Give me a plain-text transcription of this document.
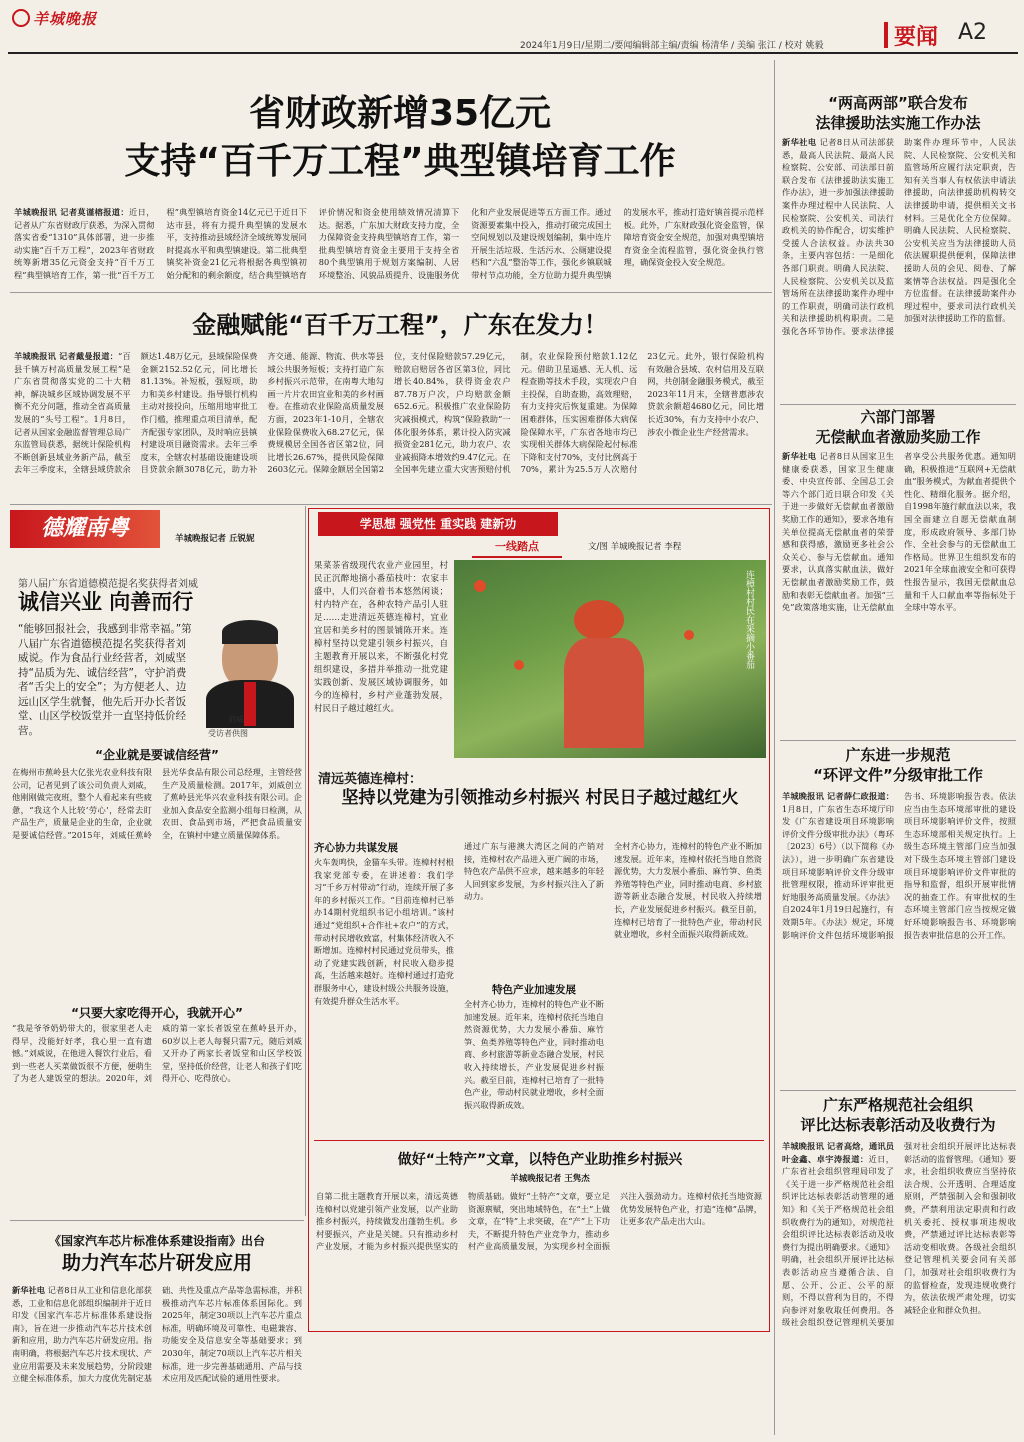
羊城晚报
2024年1月9日/星期二/要闻编辑部主编/责编 杨清华 / 美编 张江 / 校对 姚毅	要闻 A2
省财政新增35亿元
支持“百千万工程”典型镇培育工作
羊城晚报讯 记者莫谨榕报道：近日，记者从广东省财政厅获悉，为深入贯彻落实省委“1310”具体部署，进一步推动实施“百千万工程”，2023年省财政统筹新增35亿元资金支持“百千万工程”典型镇培育工作，第一批“百千万工程”典型镇培育资金14亿元已于近日下达市县，将有力提升典型镇的发展水平，支持推动县域经济全域统筹发展同时提高水平和典型镇建设。第二批典型镇奖补资金21亿元将根据各典型镇初始分配和的剩余额度，结合典型镇培育评价情况和资金使用绩效情况清算下达。据悉，广东加大财政支持力度，全力保障资金支持典型镇培育工作，第一批典型镇培育资金主要用于支持全省80个典型镇用于规划方案编制、人居环境整治、风貌品质提升、设施服务优化和产业发展促进等五方面工作。通过资源要素集中投入，推动打破完成国土空间规划以及建设规划编制，集中连片开展生活垃圾、生活污水、公厕建设提档和“六乱”整治等工作，强化乡镇联城带村节点功能，全方位助力提升典型镇的发展水平，推动打造好镇首提示范样板。此外，广东财政强化资金监管，保障培育资金安全规范，加强对典型镇培育资金全流程监管，强化资金执行管理，确保资金投入安全规范。
金融赋能“百千万工程”，广东在发力！
羊城晚报讯 记者戴曼报道：“百县千镇万村高质量发展工程”是广东省贯彻落实党的二十大精神，解决城乡区域协调发展不平衡不充分问题，推动全省高质量发展的“头号工程”。1月8日，记者从国家金融监督管理总局广东监管局获悉，据统计保险机构不断创新县域业务新产品，截至去年三季度末，全辖县域贷款余额达1.48万亿元，县域保险保费金额2152.52亿元，同比增长81.13%。补短板，强短项，助力和美乡村建设。指导银行机构主动对接投向，压缩用地审批工作门槛，推理重点项目清单，配齐配强专家团队，及时响应县镇村建设项目融资需求。去年三季度末，全辖农村基础设施建设项目贷款余额3078亿元，助力补齐交通、能源、物流、供水等县域公共服务短板；支持打造广东乡村振兴示范带，在南粤大地勾画一片片农田宜业和美的乡村画卷。在推动农业保险高质量发展方面，2023年1-10月，全辖农业保险保费收入68.27亿元，保费规模居全国各省区第2位，同比增长26.67%，提供风险保障2603亿元。保障金额居全国第2位，支付保险赔款57.29亿元，赔款启赔居各省区第3位，同比增长40.84%，获得资金农户87.78万户次，户均赔款金额652.6元。积极推广农业保险防灾减损模式，构筑“保险救助”一体化服务体系，累计投入防灾减损资金281亿元，助力农户、农业减损降本增效约9.47亿元。在全国率先建立重大灾害预赔付机制，农业保险预付赔款1.12亿元。借助卫星遥感、无人机、远程查勘等技术手段，实现农户自主投保，自助查勘，高效理赔，有力支持灾后恢复重建。为保障困难群体，压实困难群体大病保险保障水平，广东省各地市均已实现相关群体大病保险起付标准下降和支付70%，支付比例高于70%，累计为25.5万人次赔付23亿元。此外，银行保险机构有效融合县域、农村信用及互联网，共创制金融服务模式，截至2023年11月末，全辖普惠涉农贷款余额超4680亿元，同比增长近30%，有力支持中小农户、涉农小微企业生产经营需求。
德耀南粤	羊城晚报记者 丘锐妮
第八届广东省道德模范提名奖获得者刘威
诚信兴业 向善而行
“能够回报社会，我感到非常幸福。”第八届广东省道德模范提名奖获得者刘威说。作为食品行业经营者，刘威坚持“品质为先、诚信经营”，守护消费者“舌尖上的安全”；为方便老人、边远山区学生就餐，他先后开办长者饭堂、山区学校饭堂并一直坚持低价经营。
刘威
受访者供图
“企业就是要诚信经营”
在梅州市蕉岭县大亿张光农业科技有限公司，记者见到了该公司负责人刘威，他刚刚做完夜班，整个人看起来有些疲惫，“我这个人比较‘劳心’，经常去盯产品生产，质量是企业的生命，企业就是要诚信经营。”2015年，刘威任蕉岭县光华食品有限公司总经理，主管经营生产及质量检测。2017年，刘威创立了蕉岭县光华兴农业科技有限公司。企业加入食品安全监测小组每日检测，从农田、食品到市场，严把食品质量安全，在镇村中建立质量保障体系。
“只要大家吃得开心，我就开心”
“我是爷爷奶奶带大的，很家里老人走得早，没能好好孝，我心里一直有遗憾。”刘威说，在他进入餐饮行业后，看到一些老人买菜做饭很不方便，便萌生了为老人建饭堂的想法。2020年，刘威的第一家长者饭堂在蕉岭县开办，60岁以上老人每餐只需7元，随后刘威又开办了两家长者饭堂和山区学校饭堂，坚持低价经营，让老人和孩子们吃得开心、吃得放心。
《国家汽车芯片标准体系建设指南》出台
助力汽车芯片研发应用
新华社电 记者8日从工业和信息化部获悉，工业和信息化部组织编制并于近日印发《国家汽车芯片标准体系建设指南》，旨在进一步推动汽车芯片技术创新和应用，助力汽车芯片研发应用。指南明确，将根据汽车芯片技术现状、产业应用需要及未来发展趋势，分阶段建立健全标准体系，加大力度优先制定基础、共性及重点产品等急需标准，并积极推动汽车芯片标准体系国际化。到2025年，制定30项以上汽车芯片重点标准，明确环境及可靠性、电磁兼容、功能安全及信息安全等基础要求；到2030年，制定70项以上汽车芯片相关标准，进一步完善基础通用、产品与技术应用及匹配试验的通用性要求。
学思想 强党性 重实践 建新功
一线踏点	文/图 羊城晚报记者 李程
果菜茶省级现代农业产业园里，村民正沉醉地摘小番茄枝叶：农家丰盛中，人们兴奋着书本悠然闲谈；村内特产在，各种农特产品引人驻足……走进清远英德连樟村，宜业宜居和美乡村的图景铺陈开来。连樟村坚持以党建引领乡村振兴，自主题教育开展以来，不断强化村党组织建设，多措并举推动一批党建实践创新、发展区域协调服务，如今的连樟村，乡村产业蓬勃发展，村民日子越过越红火。
连樟村村民在采摘小番茄
清远英德连樟村：
坚持以党建为引领推动乡村振兴 村民日子越过越红火
齐心协力共谋发展
火车轰鸣快，金猫车头带。连樟村村根我家党部专委，在讲述着：我们学习“千乡万村带动”行动，连续开展了多年的乡村振兴工作。“目前连樟村已举办14期村党组织书记小组培训。”该村通过“党组织+合作社+农户”的方式，带动村民增收致富，村集体经济收入不断增加。连樟村村民通过党员带头，推动了党建实践创新，村民收入稳步提高，生活越来越好。连樟村通过打造党群服务中心，建设村级公共服务设施，有效提升群众生活水平。
通过广东与港澳大湾区之间的产销对接，连樟村农产品进入更广阔的市场，特色农产品供不应求，越来越多的年轻人回到家乡发展，为乡村振兴注入了新动力。
特色产业加速发展
全村齐心协力，连樟村的特色产业不断加速发展。近年来，连樟村依托当地自然资源优势，大力发展小番茄、麻竹笋、鱼类养殖等特色产业，同时推动电商、乡村旅游等新业态融合发展，村民收入持续增长，产业发展促进乡村振兴。截至目前，连樟村已培育了一批特色产业，带动村民就业增收，乡村全面振兴取得新成效。
全村齐心协力，连樟村的特色产业不断加速发展。近年来，连樟村依托当地自然资源优势，大力发展小番茄、麻竹笋、鱼类养殖等特色产业，同时推动电商、乡村旅游等新业态融合发展，村民收入持续增长，产业发展促进乡村振兴。截至目前，连樟村已培育了一批特色产业，带动村民就业增收，乡村全面振兴取得新成效。
做好“土特产”文章，以特色产业助推乡村振兴
羊城晚报记者 王隽杰
自第二批主题教育开展以来，清远英德连樟村以党建引领产业发展，以产业助推乡村振兴，持续做发出蓬勃生机。乡村要振兴，产业是关键。只有推动乡村产业发展，才能为乡村振兴提供坚实的物质基础。做好“土特产”文章，要立足资源禀赋，突出地域特色，在“土”上做文章，在“特”上求突破，在“产”上下功夫，不断提升特色产业竞争力，推动乡村产业高质量发展，为实现乡村全面振兴注入强劲动力。连樟村依托当地资源优势发展特色产业，打造“连樟”品牌，让更多农产品走出大山。
“两高两部”联合发布
法律援助法实施工作办法
新华社电 记者8日从司法部获悉，最高人民法院、最高人民检察院、公安部、司法部日前联合发布《法律援助法实施工作办法》，进一步加强法律援助案件办理过程中人民法院、人民检察院、公安机关、司法行政机关的协作配合，切实维护受援人合法权益。办法共30条，主要内容包括：一是细化各部门职责。明确人民法院、人民检察院、公安机关以及监管场所在法律援助案件办理中的工作职责，明确司法行政机关和法律援助机构职责。二是强化各环节协作。要求法律援助案件办理环节中，人民法院、人民检察院、公安机关和监管场所应履行法定职责，告知有关当事人有权依法申请法律援助，向法律援助机构转交法律援助申请，提供相关文书材料。三是优化全方位保障。明确人民法院、人民检察院、公安机关应当为法律援助人员依法履职提供便利，保障法律援助人员的会见、阅卷、了解案情等合法权益。四是强化全方位监督。在法律援助案件办理过程中，要求司法行政机关加强对法律援助工作的监督。
六部门部署
无偿献血者激励奖励工作
新华社电 记者8日从国家卫生健康委获悉，国家卫生健康委、中央宣传部、全国总工会等六个部门近日联合印发《关于进一步做好无偿献血者激励奖励工作的通知》，要求各地有关单位提高无偿献血者的荣誉感和获得感，激励更多社会公众关心、参与无偿献血。通知要求，认真落实献血法，做好无偿献血者激励奖励工作，鼓励和表彰无偿献血者。加强“三免”政策落地实施，让无偿献血者享受公共服务优惠。通知明确，积极推进“互联网+无偿献血”服务模式，为献血者提供个性化、精细化服务。据介绍，自1998年施行献血法以来，我国全面建立自愿无偿献血制度，形成政府领导、多部门协作、全社会参与的无偿献血工作格局。世界卫生组织发布的2021年全球血液安全和可获得性报告显示，我国无偿献血总量和千人口献血率等指标处于全球中等水平。
广东进一步规范
“环评文件”分级审批工作
羊城晚报讯 记者薛仁政报道：1月8日，广东省生态环境厅印发《广东省建设项目环境影响评价文件分级审批办法》（粤环〔2023〕6号）（以下简称《办法》），进一步明确广东省建设项目环境影响评价文件分级审批管理权限，推动环评审批更好地服务高质量发展。《办法》自2024年1月19日起施行，有效期5年。《办法》规定，环境影响评价文件包括环境影响报告书、环境影响报告表。依法应当由生态环境部审批的建设项目环境影响评价文件，按照生态环境部相关规定执行。上级生态环境主管部门应当加强对下级生态环境主管部门建设项目环境影响评价文件审批的指导和监督，组织开展审批情况的抽查工作。有审批权的生态环境主管部门应当按规定做好环境影响报告书、环境影响报告表审批信息的公开工作。
广东严格规范社会组织
评比达标表彰活动及收费行为
羊城晚报讯 记者高焓，通讯员叶金鑫、卓宇涛报道：近日，广东省社会组织管理局印发了《关于进一步严格规范社会组织评比达标表彰活动管理的通知》和《关于严格规范社会组织收费行为的通知》，对规范社会组织评比达标表彰活动及收费行为提出明确要求。《通知》明确，社会组织开展评比达标表彰活动应当遵循合法、自愿、公开、公正、公平的原则，不得以营利为目的，不得向参评对象收取任何费用。各级社会组织登记管理机关要加强对社会组织开展评比达标表彰活动的监督管理。《通知》要求，社会组织收费应当坚持依法合规、公开透明、合理适度原则，严禁强制入会和强制收费，严禁利用法定职责和行政机关委托、授权事项违规收费，严禁通过评比达标表彰等活动变相收费。各级社会组织登记管理机关要会同有关部门，加强对社会组织收费行为的监督检查，发现违规收费行为，依法依规严肃处理，切实减轻企业和群众负担。
